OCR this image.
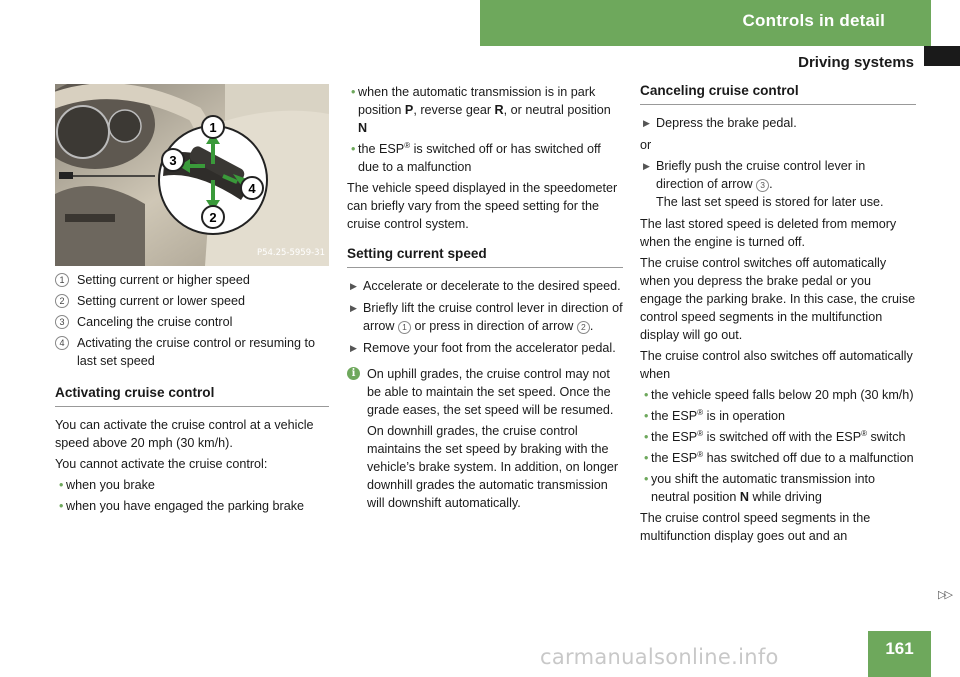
Controls in detail
Driving systems
1
2
3
4
P54.25-5959-31
1 Setting current or higher speed
2 Setting current or lower speed
3 Canceling the cruise control
4 Activating the cruise control or resuming to last set speed
Activating cruise control

You can activate the cruise control at a vehicle speed above 20 mph (30 km/h).

You cannot activate the cruise control:

• when you brake
• when you have engaged the parking brake
• when the automatic transmission is in park position P, reverse gear R, or neutral position N
• the ESP® is switched off or has switched off due to a malfunction

The vehicle speed displayed in the speedometer can briefly vary from the speed setting for the cruise control system.

Setting current speed
▶ Accelerate or decelerate to the desired speed.
▶ Briefly lift the cruise control lever in direction of arrow 1 or press in direction of arrow 2 .
▶ Remove your foot from the accelerator pedal.
i On uphill grades, the cruise control may not be able to maintain the set speed. Once the grade eases, the set speed will be resumed.

On downhill grades, the cruise control maintains the set speed by braking with the vehicle’s brake system. In addition, on longer downhill grades the automatic transmission will downshift automatically.

Canceling cruise control
▶ Depress the brake pedal.

or

▶ Briefly push the cruise control lever in direction of arrow 3 .
The last set speed is stored for later use.

The last stored speed is deleted from memory when the engine is turned off.

The cruise control switches off automatically when you depress the brake pedal or you engage the parking brake. In this case, the cruise control speed segments in the multifunction display will go out.

The cruise control also switches off automatically when

• the vehicle speed falls below 20 mph (30 km/h)
• the ESP® is in operation
• the ESP® is switched off with the ESP® switch
• the ESP® has switched off due to a malfunction
• you shift the automatic transmission into neutral position N while driving

The cruise control speed segments in the multifunction display goes out and an

▷▷
carmanualsonline.info	161
